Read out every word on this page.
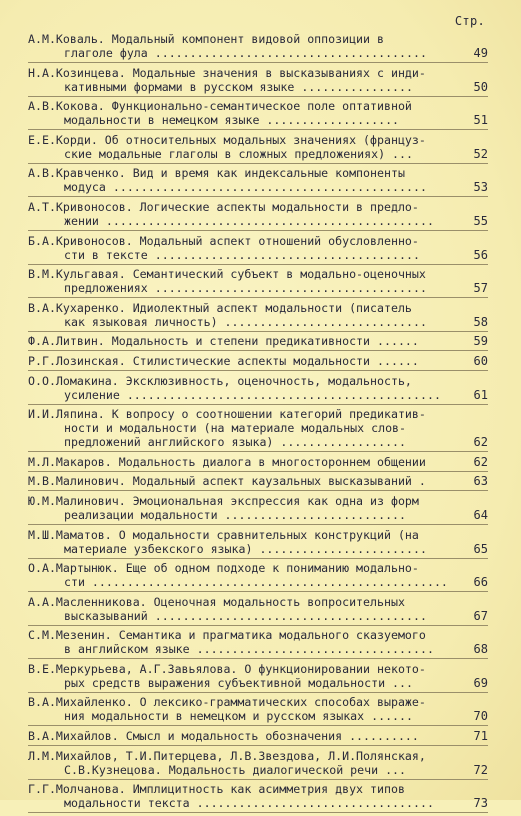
Стр.
А.М.Коваль. Модальный компонент видовой оппозиции в
глаголе фула .......................................	49
Н.А.Козинцева. Модальные значения в высказываниях с инди-
кативными формами в русском языке ................	50
А.В.Кокова. Функционально-семантическое поле оптативной
модальности в немецком языке ...................	51
Е.Е.Корди. Об относительных модальных значениях (француз-
ские модальные глаголы в сложных предложениях) ...	52
А.В.Кравченко. Вид и время как индексальные компоненты
модуса .............................................	53
А.Т.Кривоносов. Логические аспекты модальности в предло-
жении ...............................................	55
Б.А.Кривоносов. Модальный аспект отношений обусловленно-
сти в тексте ......................................	56
В.М.Кульгавая. Семантический субъект в модально-оценочных
предложениях .......................................	57
В.А.Кухаренко. Идиолектный аспект модальности (писатель
как языковая личность) .............................	58
Ф.А.Литвин. Модальность и степени предикативности ......	59
Р.Г.Лозинская. Стилистические аспекты модальности ......	60
О.О.Ломакина. Эксклюзивность, оценочность, модальность,
усиление .............................................	61
И.И.Ляпина. К вопросу о соотношении категорий предикатив-
ности и модальности (на материале модальных слов-
предложений английского языка) ..................	62
М.Л.Макаров. Модальность диалога в многостороннем общении	62
М.В.Малинович. Модальный аспект каузальных высказываний .	63
Ю.М.Малинович. Эмоциональная экспрессия как одна из форм
реализации модальности ..........................	64
М.Ш.Маматов. О модальности сравнительных конструкций (на
материале узбекского языка) ........................	65
О.А.Мартынюк. Еще об одном подходе к пониманию модально-
сти ...................................................	66
А.А.Масленникова. Оценочная модальность вопросительных
высказываний .......................................	67
С.М.Мезенин. Семантика и прагматика модального сказуемого
в английском языке ..................................	68
В.Е.Меркурьева, А.Г.Завьялова. О функционировании некото-
рых средств выражения субъективной модальности ...	69
В.А.Михайленко. О лексико-грамматических способах выраже-
ния модальности в немецком и русском языках ......	70
В.А.Михайлов. Смысл и модальность обозначения ..........	71
Л.М.Михайлов, Т.И.Питерцева, Л.В.Звездова, Л.И.Полянская,
С.В.Кузнецова. Модальность диалогической речи ...	72
Г.Г.Молчанова. Имплицитность как асимметрия двух типов
модальности текста ..................................	73
